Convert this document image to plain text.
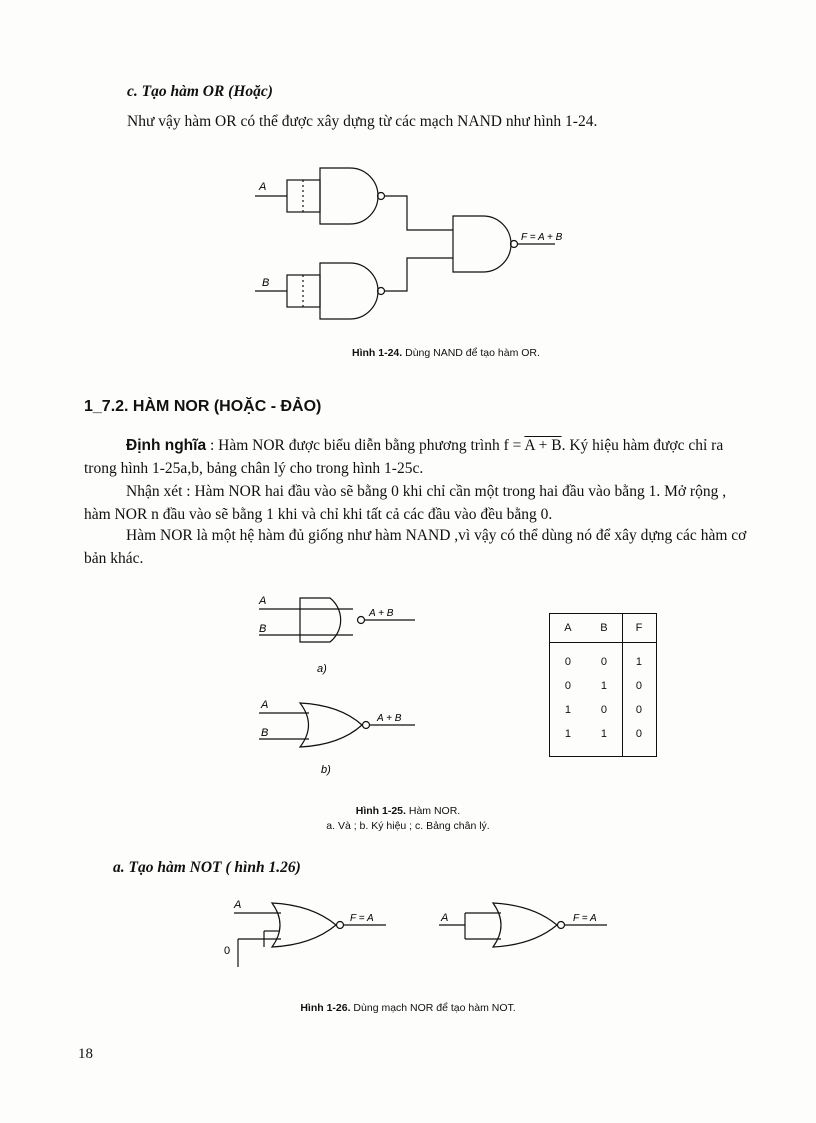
c. Tạo hàm OR (Hoặc)
Như vậy hàm OR có thể được xây dựng từ các mạch NAND như hình 1-24.
A
B
F = A + B
Hình 1-24. Dùng NAND để tạo hàm OR.
1_7.2. HÀM NOR (HOẶC - ĐẢO)
Định nghĩa : Hàm NOR được biểu diễn bằng phương trình f = A + B. Ký hiệu hàm được chỉ ra trong hình 1-25a,b, bảng chân lý cho trong hình 1-25c.
Nhận xét : Hàm NOR hai đầu vào sẽ bằng 0 khi chỉ cần một trong hai đầu vào bằng 1. Mở rộng , hàm NOR n đầu vào sẽ bằng 1 khi và chỉ khi tất cả các đầu vào đều bằng 0.
Hàm NOR là một hệ hàm đủ giống như hàm NAND ,vì vậy có thể dùng nó để xây dựng các hàm cơ bản khác.
A
B
A + B
a)
A
B
A + B
b)
A	B	F

0	0	1
0	1	0
1	0	0
1	1	0
Hình 1-25. Hàm NOR.
a. Và ; b. Ký hiệu ; c. Bảng chân lý.
a. Tạo hàm NOT ( hình 1.26)
A
0
F = A	A	F = A
Hình 1-26. Dùng mạch NOR để tạo hàm NOT.
18
